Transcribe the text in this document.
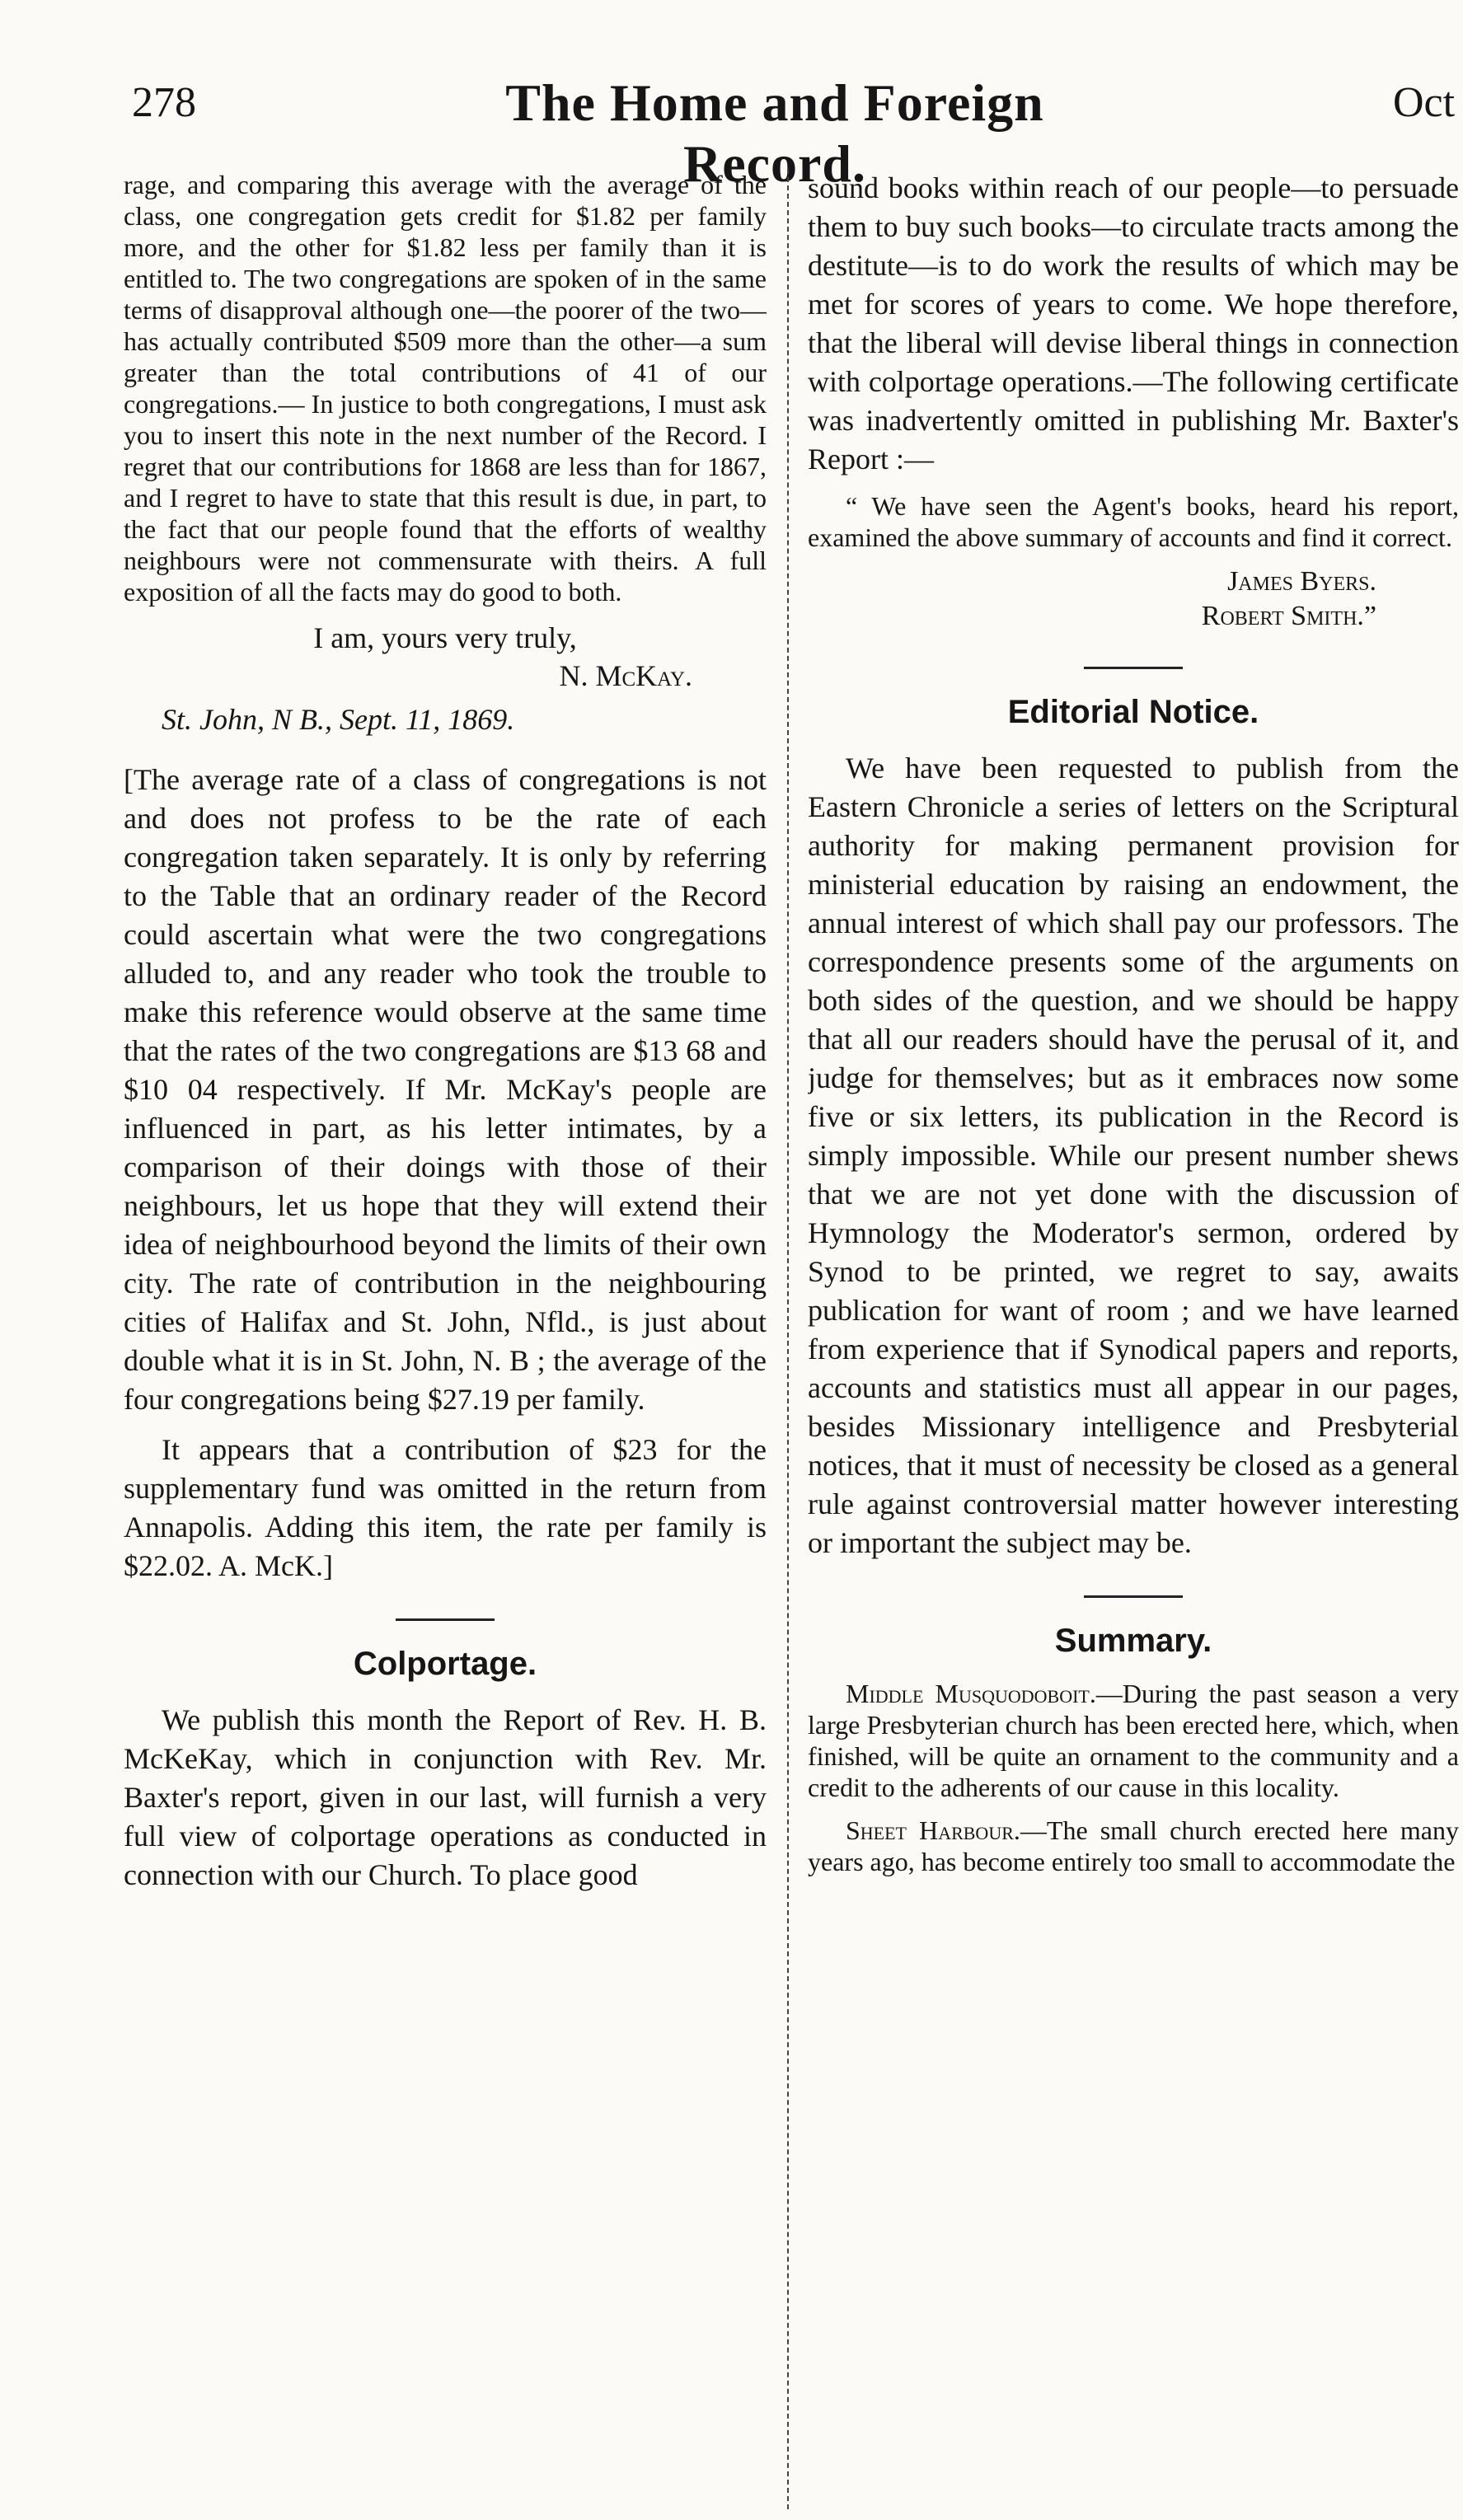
278	The Home and Foreign Record.
Oct

rage, and comparing this average with the average of the class, one congregation gets credit for $1.82 per family more, and the other for $1.82 less per family than it is entitled to. The two congregations are spoken of in the same terms of disapproval although one—the poorer of the two—has actually contributed $509 more than the other—a sum greater than the total contributions of 41 of our congregations.— In justice to both congregations, I must ask you to insert this note in the next number of the Record. I regret that our contributions for 1868 are less than for 1867, and I regret to have to state that this result is due, in part, to the fact that our people found that the efforts of wealthy neighbours were not commensurate with theirs. A full exposition of all the facts may do good to both.

I am, yours very truly,
N. McKay.
St. John, N B., Sept. 11, 1869.

[The average rate of a class of congregations is not and does not profess to be the rate of each congregation taken separately. It is only by referring to the Table that an ordinary reader of the Record could ascertain what were the two congregations alluded to, and any reader who took the trouble to make this reference would observe at the same time that the rates of the two congregations are $13 68 and $10 04 respectively. If Mr. McKay's people are influenced in part, as his letter intimates, by a comparison of their doings with those of their neighbours, let us hope that they will extend their idea of neighbourhood beyond the limits of their own city. The rate of contribution in the neighbouring cities of Halifax and St. John, Nfld., is just about double what it is in St. John, N. B ; the average of the four congregations being $27.19 per family.

It appears that a contribution of $23 for the supplementary fund was omitted in the return from Annapolis. Adding this item, the rate per family is $22.02. A. McK.]

Colportage.

We publish this month the Report of Rev. H. B. McKeKay, which in conjunction with Rev. Mr. Baxter's report, given in our last, will furnish a very full view of colportage operations as conducted in connection with our Church. To place good

sound books within reach of our people—to persuade them to buy such books—to circulate tracts among the destitute—is to do work the results of which may be met for scores of years to come. We hope therefore, that the liberal will devise liberal things in connection with colportage operations.—The following certificate was inadvertently omitted in publishing Mr. Baxter's Report :—

“ We have seen the Agent's books, heard his report, examined the above summary of accounts and find it correct.

James Byers.
Robert Smith.”
Editorial Notice.

We have been requested to publish from the Eastern Chronicle a series of letters on the Scriptural authority for making permanent provision for ministerial education by raising an endowment, the annual interest of which shall pay our professors. The correspondence presents some of the arguments on both sides of the question, and we should be happy that all our readers should have the perusal of it, and judge for themselves; but as it embraces now some five or six letters, its publication in the Record is simply impossible. While our present number shews that we are not yet done with the discussion of Hymnology the Moderator's sermon, ordered by Synod to be printed, we regret to say, awaits publication for want of room ; and we have learned from experience that if Synodical papers and reports, accounts and statistics must all appear in our pages, besides Missionary intelligence and Presbyterial notices, that it must of necessity be closed as a general rule against controversial matter however interesting or important the subject may be.

Summary.

Middle Musquodoboit.—During the past season a very large Presbyterian church has been erected here, which, when finished, will be quite an ornament to the community and a credit to the adherents of our cause in this locality.

Sheet Harbour.—The small church erected here many years ago, has become entirely too small to accommodate the
